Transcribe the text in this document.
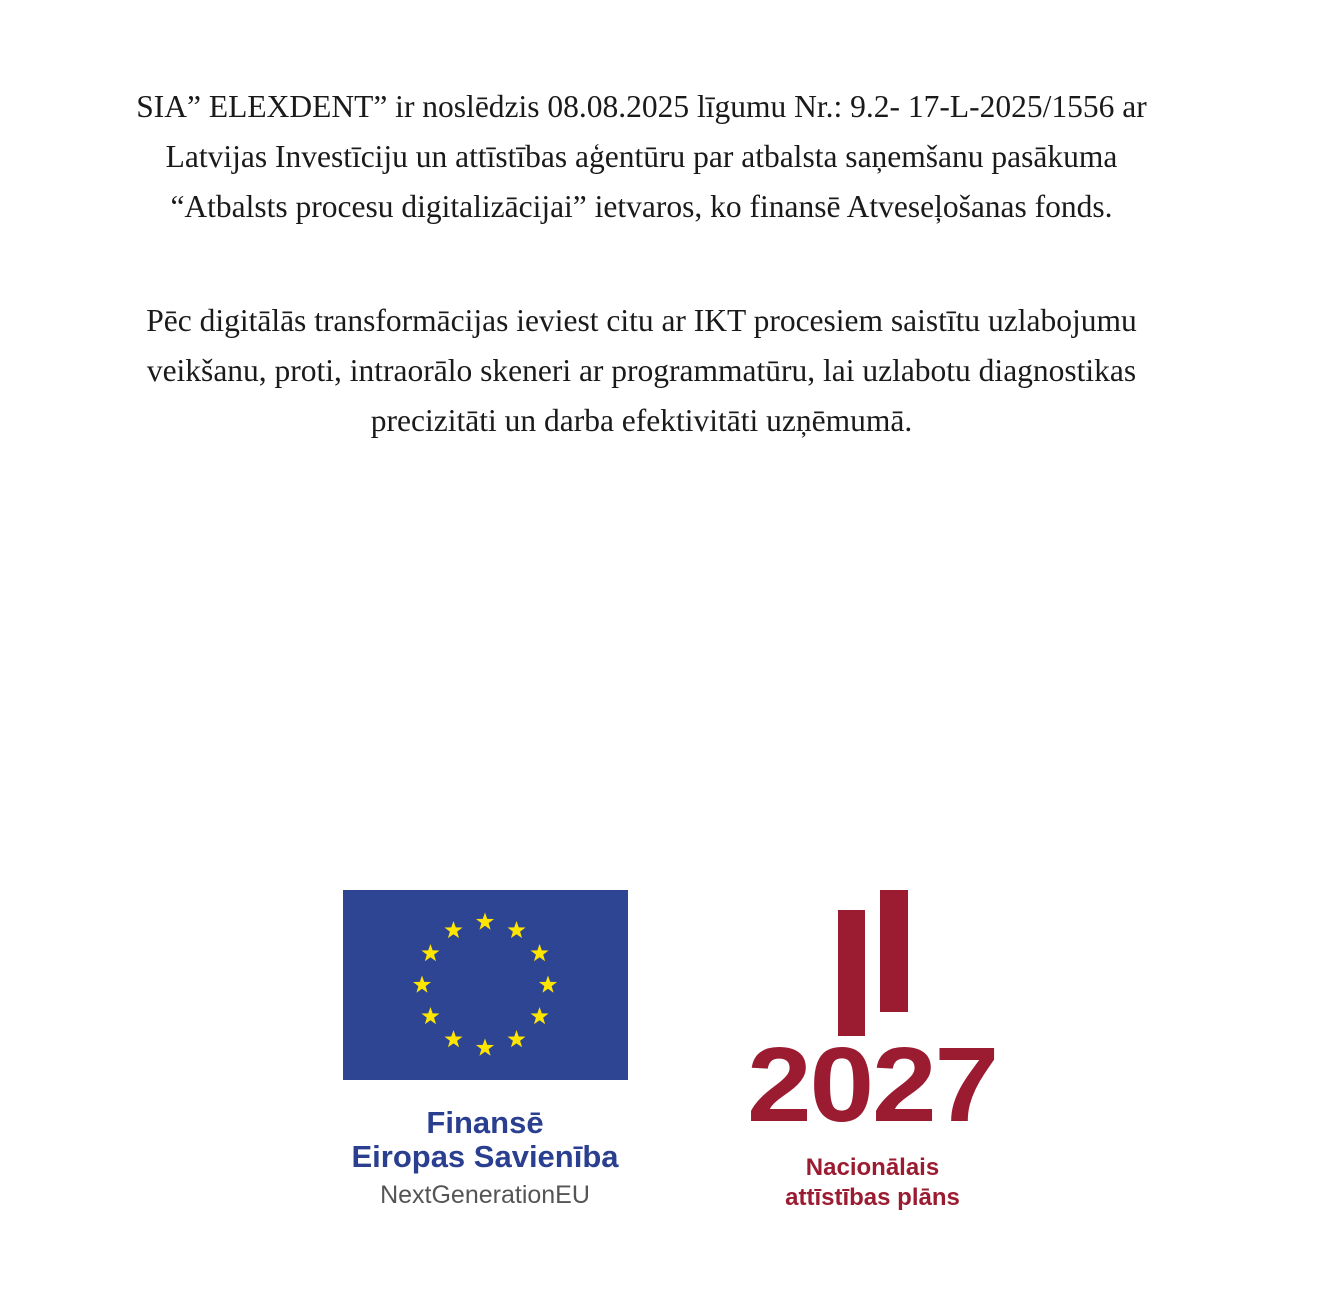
SIA” ELEXDENT” ir noslēdzis 08.08.2025 līgumu Nr.: 9.2- 17-L-2025/1556 ar
Latvijas Investīciju un attīstības aģentūru par atbalsta saņemšanu pasākuma
“Atbalsts procesu digitalizācijai” ietvaros, ko finansē Atveseļošanas fonds.
Pēc digitālās transformācijas ieviest citu ar IKT procesiem saistītu uzlabojumu
veikšanu, proti, intraorālo skeneri ar programmatūru, lai uzlabotu diagnostikas
precizitāti un darba efektivitāti uzņēmumā.
Finansē
Eiropas Savienība
NextGenerationEU
2027
Nacionālais
attīstības plāns
